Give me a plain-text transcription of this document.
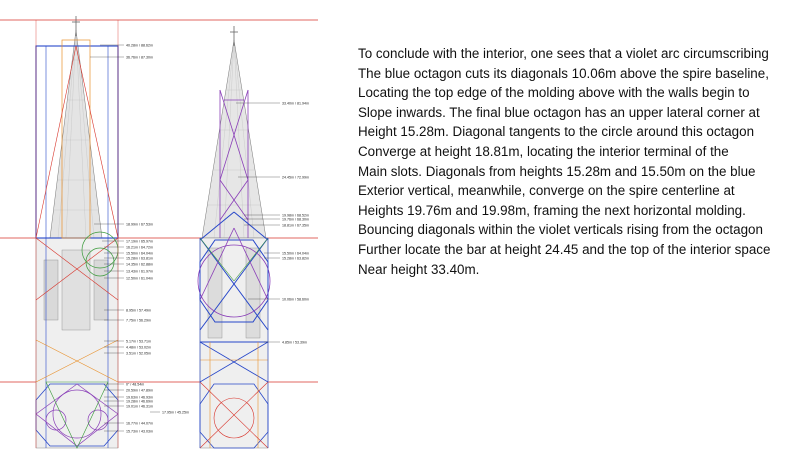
40.28m / 88.62m
36.76m / 87.30m
18.99m / 67.53m
17.19m / 65.97m
16.21m / 64.72m
15.50m / 64.04m
15.28m / 63.81m
14.35m / 62.88m
13.43m / 61.97m
12.50m / 61.04m
8.95m / 57.49m
7.75m / 56.29m
5.17m / 53.71m
4.48m / 53.02m
3.51m / 52.05m
0" / 48.54m
20.59m / 47.89m
19.63m / 46.93m
19.28m / 46.69m
19.01m / 46.31m
17.95m / 45.25m
16.77m / 44.07m
15.73m / 43.03m
33.40m / 81.94m
24.45m / 72.99m
19.98m / 68.52m
19.76m / 68.30m
18.81m / 67.35m
15.50m / 64.04m
15.28m / 63.82m
10.06m / 58.60m
4.85m / 53.39m
To conclude with the interior, one sees that a violet arc circumscribing
The blue octagon cuts its diagonals 10.06m above the spire baseline,
Locating the top edge of the molding above with the walls begin to
Slope inwards. The final blue octagon has an upper lateral corner at
Height 15.28m. Diagonal tangents to the circle around this octagon
Converge at height 18.81m, locating the interior terminal of the
Main slots. Diagonals from heights 15.28m and 15.50m on the blue
Exterior vertical, meanwhile, converge on the spire centerline at
Heights 19.76m and 19.98m, framing the next horizontal molding.
Bouncing diagonals within the violet verticals rising from the octagon
Further locate the bar at height 24.45 and the top of the interior space
Near height 33.40m.
